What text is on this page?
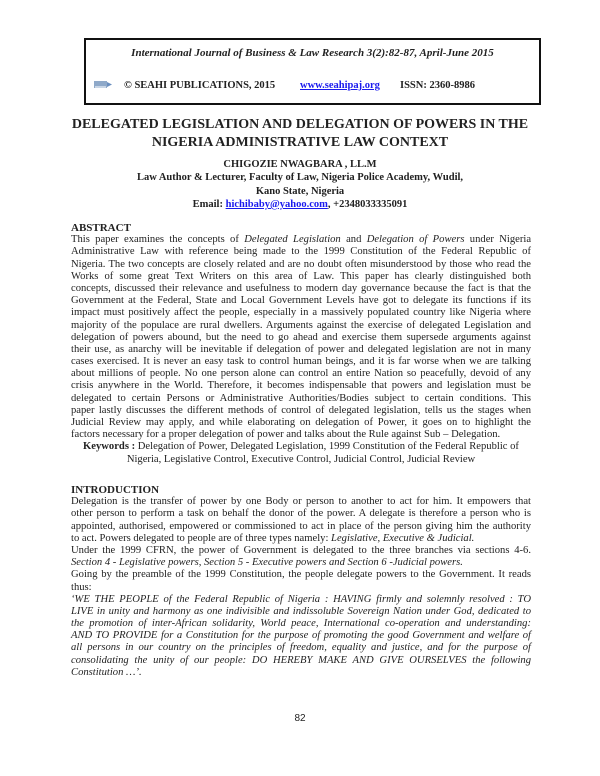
International Journal of Business & Law Research 3(2):82-87, April-June 2015
© SEAHI PUBLICATIONS, 2015 www.seahipaj.org ISSN: 2360-8986
DELEGATED LEGISLATION AND DELEGATION OF POWERS IN THE
NIGERIA ADMINISTRATIVE LAW CONTEXT
CHIGOZIE NWAGBARA , LL.M
Law Author & Lecturer, Faculty of Law, Nigeria Police Academy, Wudil,
Kano State, Nigeria
Email: hichibaby@yahoo.com, +2348033335091
ABSTRACT
This paper examines the concepts of Delegated Legislation and Delegation of Powers under Nigeria
Administrative Law with reference being made to the 1999 Constitution of the Federal Republic of
Nigeria. The two concepts are closely related and are no doubt often misunderstood by those who read the
Works of some great Text Writers on this area of Law. This paper has clearly distinguished both
concepts, discussed their relevance and usefulness to modern day governance because the fact is that the
Government at the Federal, State and Local Government Levels have got to delegate its functions if its
impact must positively affect the people, especially in a massively populated country like Nigeria where
majority of the populace are rural dwellers. Arguments against the exercise of delegated Legislation and
delegation of powers abound, but the need to go ahead and exercise them supersede arguments against
their use, as anarchy will be inevitable if delegation of power and delegated legislation are not in many
cases exercised. It is never an easy task to control human beings, and it is far worse when we are talking
about millions of people. No one person alone can control an entire Nation so peacefully, devoid of any
crisis anywhere in the World. Therefore, it becomes indispensable that powers and legislation must be
delegated to certain Persons or Administrative Authorities/Bodies subject to certain conditions. This
paper lastly discusses the different methods of control of delegated legislation, tells us the stages when
Judicial Review may apply, and while elaborating on delegation of Power, it goes on to highlight the
factors necessary for a proper delegation of power and talks about the Rule against Sub – Delegation.
Keywords : Delegation of Power, Delegated Legislation, 1999 Constitution of the Federal Republic of
Nigeria, Legislative Control, Executive Control, Judicial Control, Judicial Review
INTRODUCTION
Delegation is the transfer of power by one Body or person to another to act for him. It empowers that
other person to perform a task on behalf the donor of the power. A delegate is therefore a person who is
appointed, authorised, empowered or commissioned to act in place of the person giving him the authority
to act. Powers delegated to people are of three types namely: Legislative, Executive & Judicial.
Under the 1999 CFRN, the power of Government is delegated to the three branches via sections 4-6.
Section 4 - Legislative powers, Section 5 - Executive powers and Section 6 -Judicial powers.
Going by the preamble of the 1999 Constitution, the people delegate powers to the Government. It reads
thus:
‘WE THE PEOPLE of the Federal Republic of Nigeria : HAVING firmly and solemnly resolved : TO
LIVE in unity and harmony as one indivisible and indissoluble Sovereign Nation under God, dedicated to
the promotion of inter-African solidarity, World peace, International co-operation and understanding:
AND TO PROVIDE for a Constitution for the purpose of promoting the good Government and welfare of
all persons in our country on the principles of freedom, equality and justice, and for the purpose of
consolidating the unity of our people: DO HEREBY MAKE AND GIVE OURSELVES the following
Constitution …’.
82
